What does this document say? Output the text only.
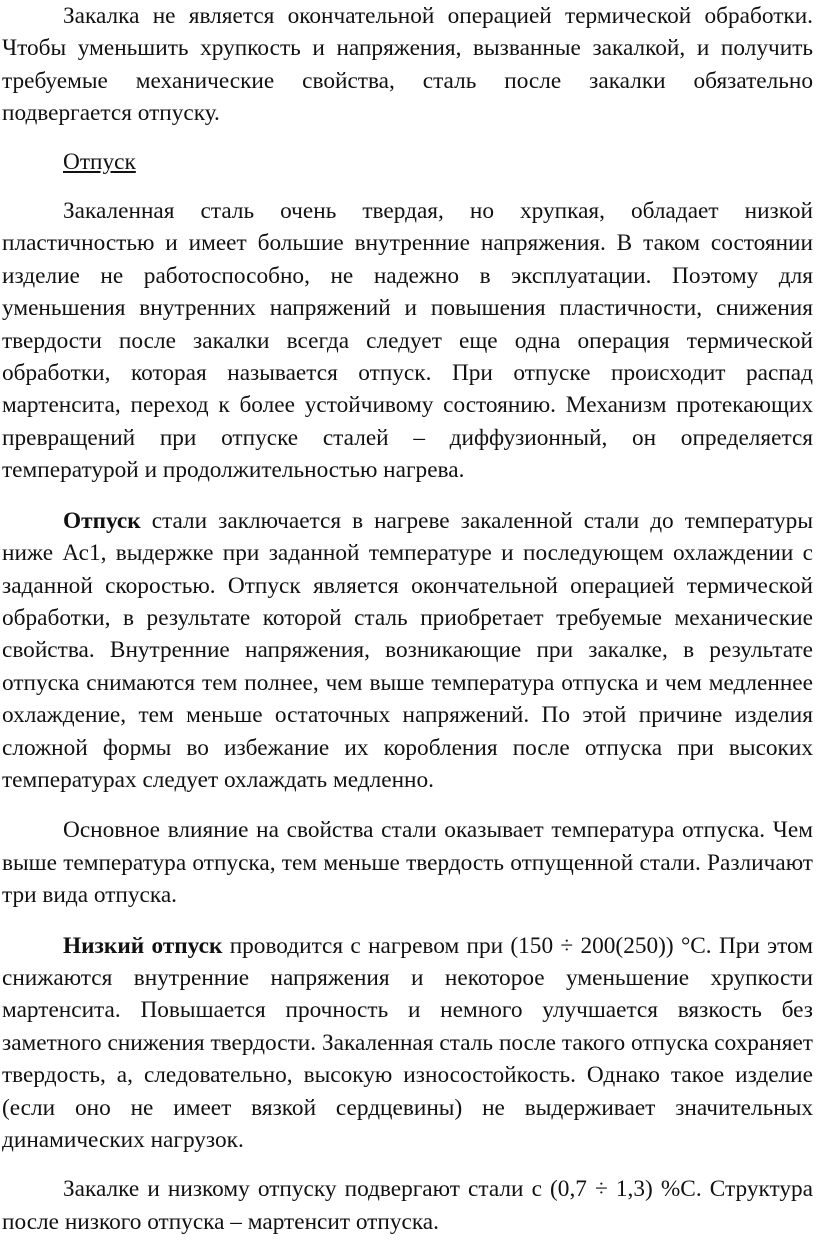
Закалка не является окончательной операцией термической обработки. Чтобы уменьшить хрупкость и напряжения, вызванные закалкой, и получить требуемые механические свойства, сталь после закалки обязательно подвергается отпуску.

Отпуск

Закаленная сталь очень твердая, но хрупкая, обладает низкой пластичностью и имеет большие внутренние напряжения. В таком состоянии изделие не работоспособно, не надежно в эксплуатации. Поэтому для уменьшения внутренних напряжений и повышения пластичности, снижения твердости после закалки всегда следует еще одна операция термической обработки, которая называется отпуск. При отпуске происходит распад мартенсита, переход к более устойчивому состоянию. Механизм протекающих превращений при отпуске сталей – диффузионный, он определяется температурой и продолжительностью нагрева.

Отпуск стали заключается в нагреве закаленной стали до температуры ниже Ас1, выдержке при заданной температуре и последующем охлаждении с заданной скоростью. Отпуск является окончательной операцией термической обработки, в результате которой сталь приобретает требуемые механические свойства. Внутренние напряжения, возникающие при закалке, в результате отпуска снимаются тем полнее, чем выше температура отпуска и чем медленнее охлаждение, тем меньше остаточных напряжений. По этой причине изделия сложной формы во избежание их коробления после отпуска при высоких температурах следует охлаждать медленно.

Основное влияние на свойства стали оказывает температура отпуска. Чем выше температура отпуска, тем меньше твердость отпущенной стали. Различают три вида отпуска.

Низкий отпуск проводится с нагревом при (150 ÷ 200(250)) °С. При этом снижаются внутренние напряжения и некоторое уменьшение хрупкости мартенсита. Повышается прочность и немного улучшается вязкость без заметного снижения твердости. Закаленная сталь после такого отпуска сохраняет твердость, а, следовательно, высокую износостойкость. Однако такое изделие (если оно не имеет вязкой сердцевины) не выдерживает значительных динамических нагрузок.

Закалке и низкому отпуску подвергают стали с (0,7 ÷ 1,3) %С. Структура после низкого отпуска – мартенсит отпуска.
